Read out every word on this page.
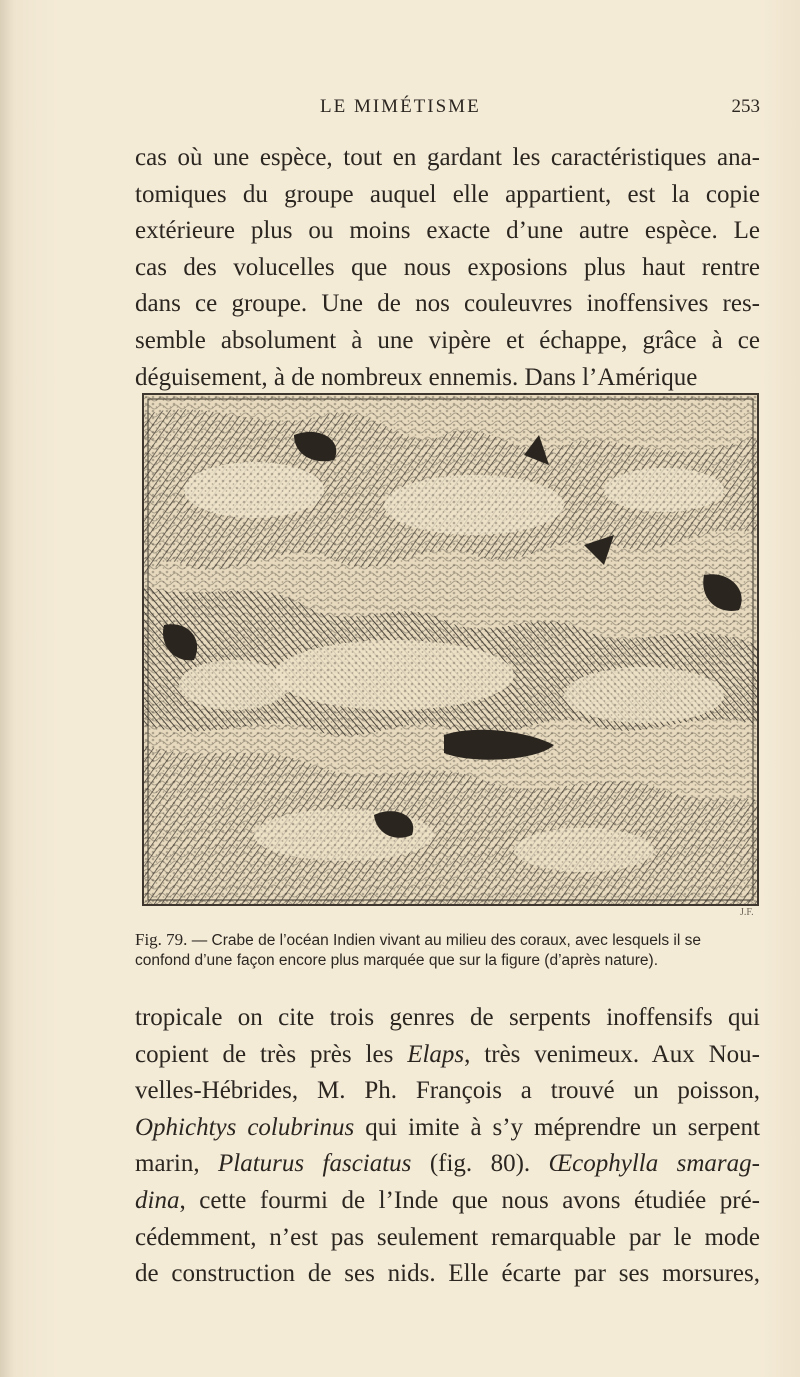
LE MIMÉTISME	253
cas où une espèce, tout en gardant les caractéristiques ana-
tomiques du groupe auquel elle appartient, est la copie
extérieure plus ou moins exacte d’une autre espèce. Le
cas des volucelles que nous exposions plus haut rentre
dans ce groupe. Une de nos couleuvres inoffensives res-
semble absolument à une vipère et échappe, grâce à ce
déguisement, à de nombreux ennemis. Dans l’Amérique
J.F.
Fig. 79. — Crabe de l’océan Indien vivant au milieu des coraux, avec lesquels il se
confond d’une façon encore plus marquée que sur la figure (d’après nature).
tropicale on cite trois genres de serpents inoffensifs qui
copient de très près les Elaps, très venimeux. Aux Nou-
velles-Hébrides, M. Ph. François a trouvé un poisson,
Ophichtys colubrinus qui imite à s’y méprendre un serpent
marin, Platurus fasciatus (fig. 80). Œcophylla smarag-
dina, cette fourmi de l’Inde que nous avons étudiée pré-
cédemment, n’est pas seulement remarquable par le mode
de construction de ses nids. Elle écarte par ses morsures,
